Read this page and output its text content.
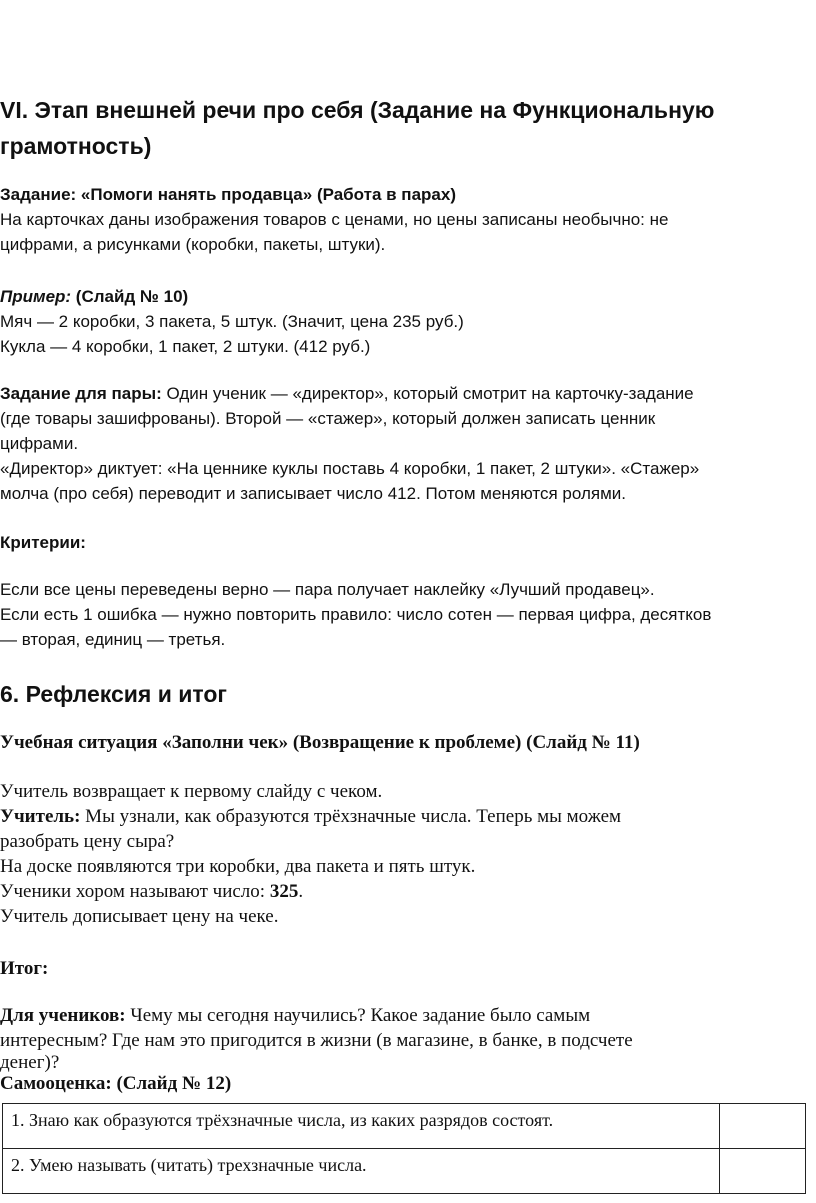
VI. Этап внешней речи про себя (Задание на Функциональную
грамотность)
Задание: «Помоги нанять продавца» (Работа в парах)
На карточках даны изображения товаров с ценами, но цены записаны необычно: не
цифрами, а рисунками (коробки, пакеты, штуки).
Пример: (Слайд № 10)
Мяч — 2 коробки, 3 пакета, 5 штук. (Значит, цена 235 руб.)
Кукла — 4 коробки, 1 пакет, 2 штуки. (412 руб.)
Задание для пары: Один ученик — «директор», который смотрит на карточку-задание
(где товары зашифрованы). Второй — «стажер», который должен записать ценник
цифрами.
«Директор» диктует: «На ценнике куклы поставь 4 коробки, 1 пакет, 2 штуки». «Стажер»
молча (про себя) переводит и записывает число 412. Потом меняются ролями.
Критерии:
Если все цены переведены верно — пара получает наклейку «Лучший продавец».
Если есть 1 ошибка — нужно повторить правило: число сотен — первая цифра, десятков
— вторая, единиц — третья.
6. Рефлексия и итог
Учебная ситуация «Заполни чек» (Возвращение к проблеме) (Слайд № 11)
Учитель возвращает к первому слайду с чеком.
Учитель: Мы узнали, как образуются трёхзначные числа. Теперь мы можем
разобрать цену сыра?
На доске появляются три коробки, два пакета и пять штук.
Ученики хором называют число: 325.
Учитель дописывает цену на чеке.
Итог:
Для учеников: Чему мы сегодня научились? Какое задание было самым
интересным? Где нам это пригодится в жизни (в магазине, в банке, в подсчете
денег)?
Самооценка: (Слайд № 12)
1. Знаю как образуются трёхзначные числа, из каких разрядов состоят.	
2. Умею называть (читать) трехзначные числа.	
